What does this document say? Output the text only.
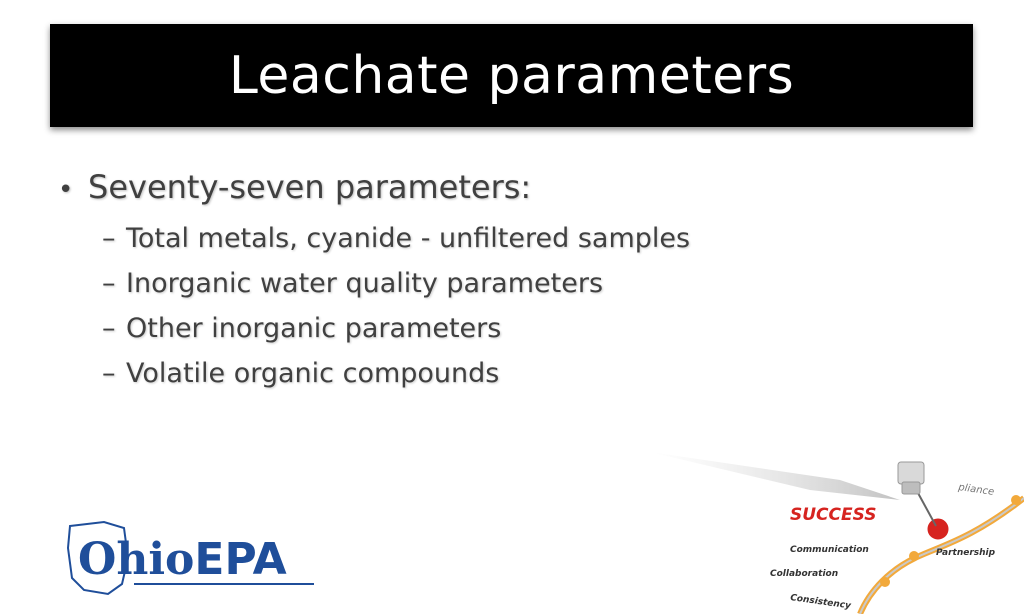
Leachate parameters
• Seventy-seven parameters:
– Total metals, cyanide - unfiltered samples
– Inorganic water quality parameters
– Other inorganic parameters
– Volatile organic compounds
OhioEPA
SUCCESS
Communication
Collaboration
Consistency
Partnership
pliance
